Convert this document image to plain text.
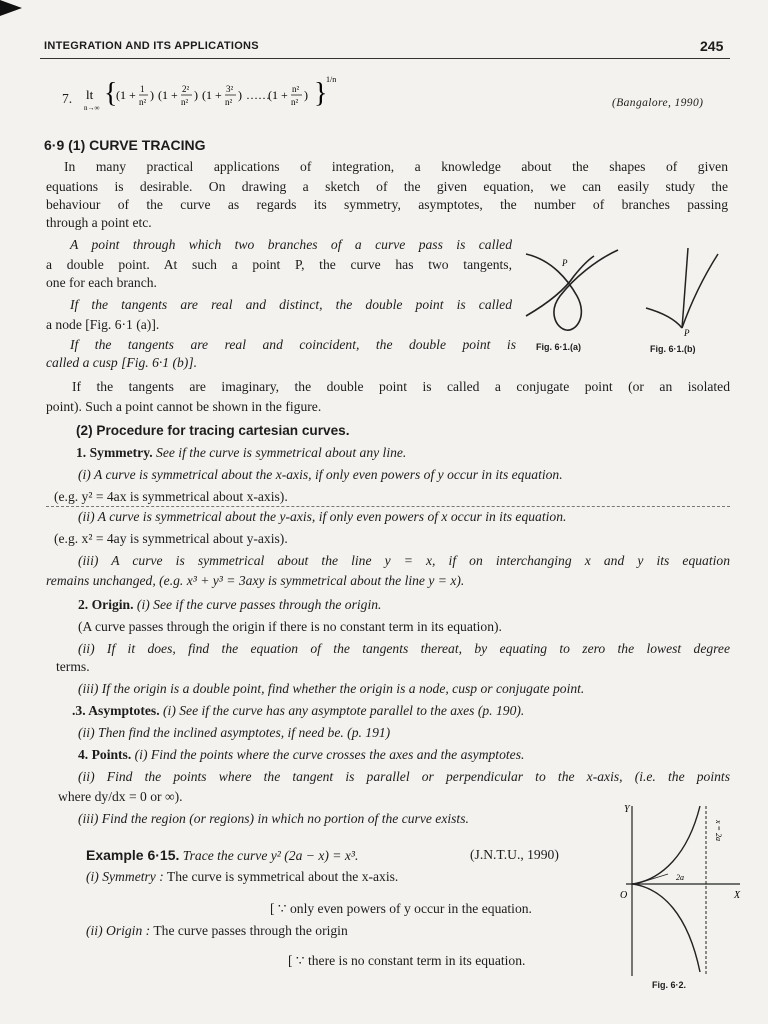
INTEGRATION AND ITS APPLICATIONS	245
7. lt
n→∞ {
(1 + 1
n² ) (1 + 2²
n² ) (1 + 3²
n² ) ……
(1 + n²
n² ) }
1/n
(Bangalore, 1990)
6·9 (1) CURVE TRACING
In many practical applications of integration, a knowledge about the shapes of given
equations is desirable. On drawing a sketch of the given equation, we can easily study the
behaviour of the curve as regards its symmetry, asymptotes, the number of branches passing
through a point etc.
A point through which two branches of a curve pass is called
a double point. At such a point P, the curve has two tangents,
one for each branch.
If the tangents are real and distinct, the double point is called
a node [Fig. 6·1 (a)].
If the tangents are real and coincident, the double point is
called a cusp [Fig. 6·1 (b)].
P
Fig. 6·1.(a)
P
Fig. 6·1.(b)
If the tangents are imaginary, the double point is called a conjugate point (or an isolated
point). Such a point cannot be shown in the figure.
(2) Procedure for tracing cartesian curves.
1. Symmetry. See if the curve is symmetrical about any line.
(i) A curve is symmetrical about the x-axis, if only even powers of y occur in its equation.
(e.g. y² = 4ax is symmetrical about x-axis).
(ii) A curve is symmetrical about the y-axis, if only even powers of x occur in its equation.
(e.g. x² = 4ay is symmetrical about y-axis).
(iii) A curve is symmetrical about the line y = x, if on interchanging x and y its equation
remains unchanged, (e.g. x³ + y³ = 3axy is symmetrical about the line y = x).
2. Origin. (i) See if the curve passes through the origin.
(A curve passes through the origin if there is no constant term in its equation).
(ii) If it does, find the equation of the tangents thereat, by equating to zero the lowest degree
terms.
(iii) If the origin is a double point, find whether the origin is a node, cusp or conjugate point.
.3. Asymptotes. (i) See if the curve has any asymptote parallel to the axes (p. 190).
(ii) Then find the inclined asymptotes, if need be. (p. 191)
4. Points. (i) Find the points where the curve crosses the axes and the asymptotes.
(ii) Find the points where the tangent is parallel or perpendicular to the x-axis, (i.e. the points
where dy/dx = 0 or ∞).
(iii) Find the region (or regions) in which no portion of the curve exists.
Example 6·15. Trace the curve y² (2a − x) = x³.	(J.N.T.U., 1990)
(i) Symmetry : The curve is symmetrical about the x-axis.
[ ∵ only even powers of y occur in the equation.
(ii) Origin : The curve passes through the origin
[ ∵ there is no constant term in its equation.
Y
X
O
2a
x = 2a
Fig. 6·2.
